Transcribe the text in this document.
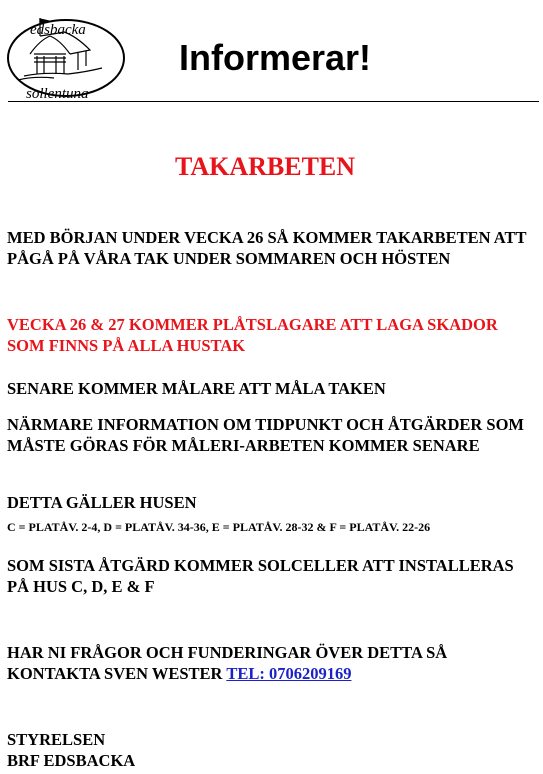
edsbacka
sollentuna
Informerar!
TAKARBETEN

MED BÖRJAN UNDER VECKA 26 SÅ KOMMER TAKARBETEN ATT PÅGÅ PÅ VÅRA TAK UNDER SOMMAREN OCH HÖSTEN

VECKA 26 & 27 KOMMER PLÅTSLAGARE ATT LAGA SKADOR SOM FINNS PÅ ALLA HUSTAK

SENARE KOMMER MÅLARE ATT MÅLA TAKEN

NÄRMARE INFORMATION OM TIDPUNKT OCH ÅTGÄRDER SOM MÅSTE GÖRAS FÖR MÅLERI-ARBETEN KOMMER SENARE

DETTA GÄLLER HUSEN

C = PLATÅV. 2-4, D = PLATÅV. 34-36, E = PLATÅV. 28-32 & F = PLATÅV. 22-26

SOM SISTA ÅTGÄRD KOMMER SOLCELLER ATT INSTALLERAS PÅ HUS C, D, E & F

HAR NI FRÅGOR OCH FUNDERINGAR ÖVER DETTA SÅ KONTAKTA SVEN WESTER TEL: 0706209169

STYRELSEN

BRF EDSBACKA
